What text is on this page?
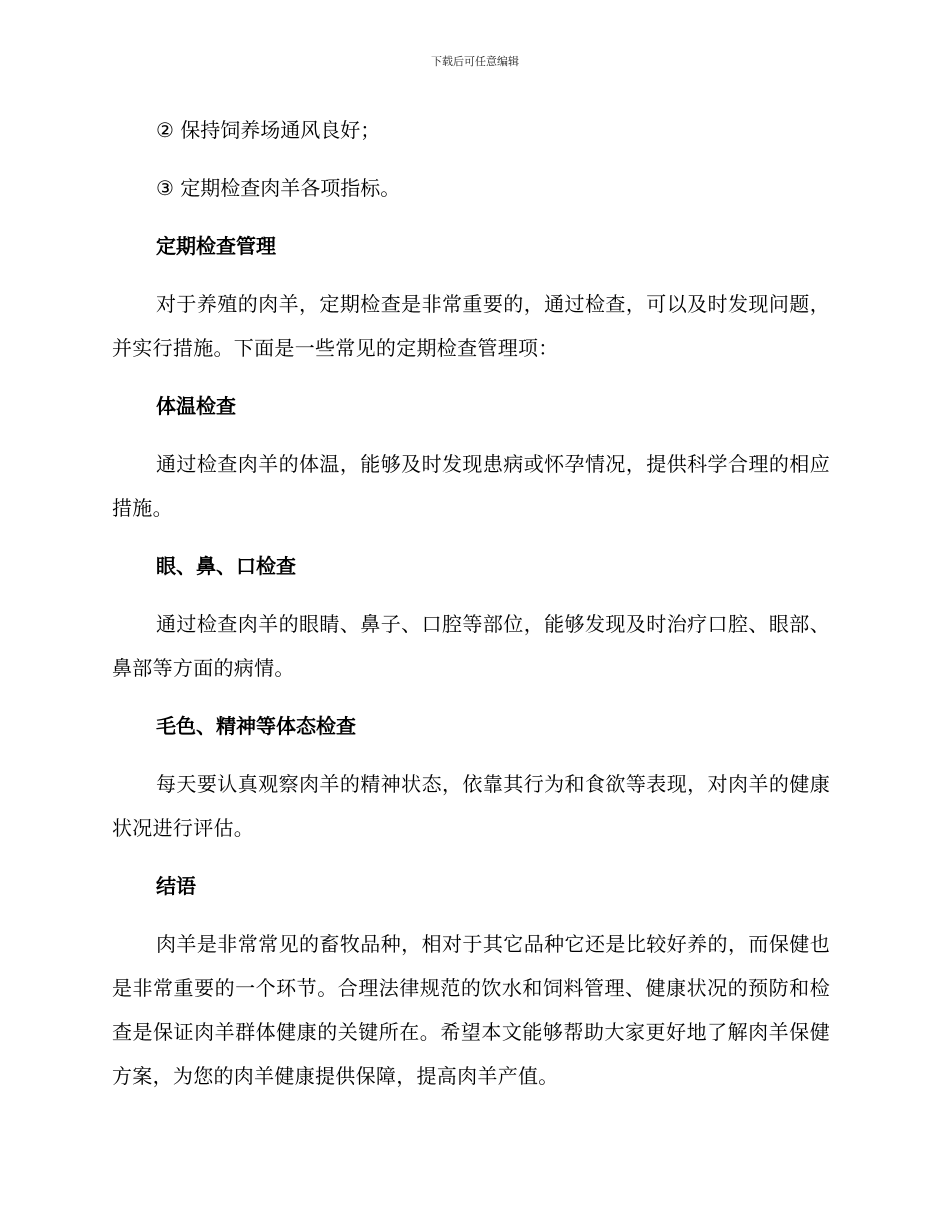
下载后可任意编辑

② 保持饲养场通风良好；

③ 定期检查肉羊各项指标。

定期检查管理

对于养殖的肉羊，定期检查是非常重要的，通过检查，可以及时发现问题，并实行措施。下面是一些常见的定期检查管理项：

体温检查

通过检查肉羊的体温，能够及时发现患病或怀孕情况，提供科学合理的相应措施。

眼、鼻、口检查

通过检查肉羊的眼睛、鼻子、口腔等部位，能够发现及时治疗口腔、眼部、鼻部等方面的病情。

毛色、精神等体态检查

每天要认真观察肉羊的精神状态，依靠其行为和食欲等表现，对肉羊的健康状况进行评估。

结语

肉羊是非常常见的畜牧品种，相对于其它品种它还是比较好养的，而保健也是非常重要的一个环节。合理法律规范的饮水和饲料管理、健康状况的预防和检查是保证肉羊群体健康的关键所在。希望本文能够帮助大家更好地了解肉羊保健方案，为您的肉羊健康提供保障，提高肉羊产值。
